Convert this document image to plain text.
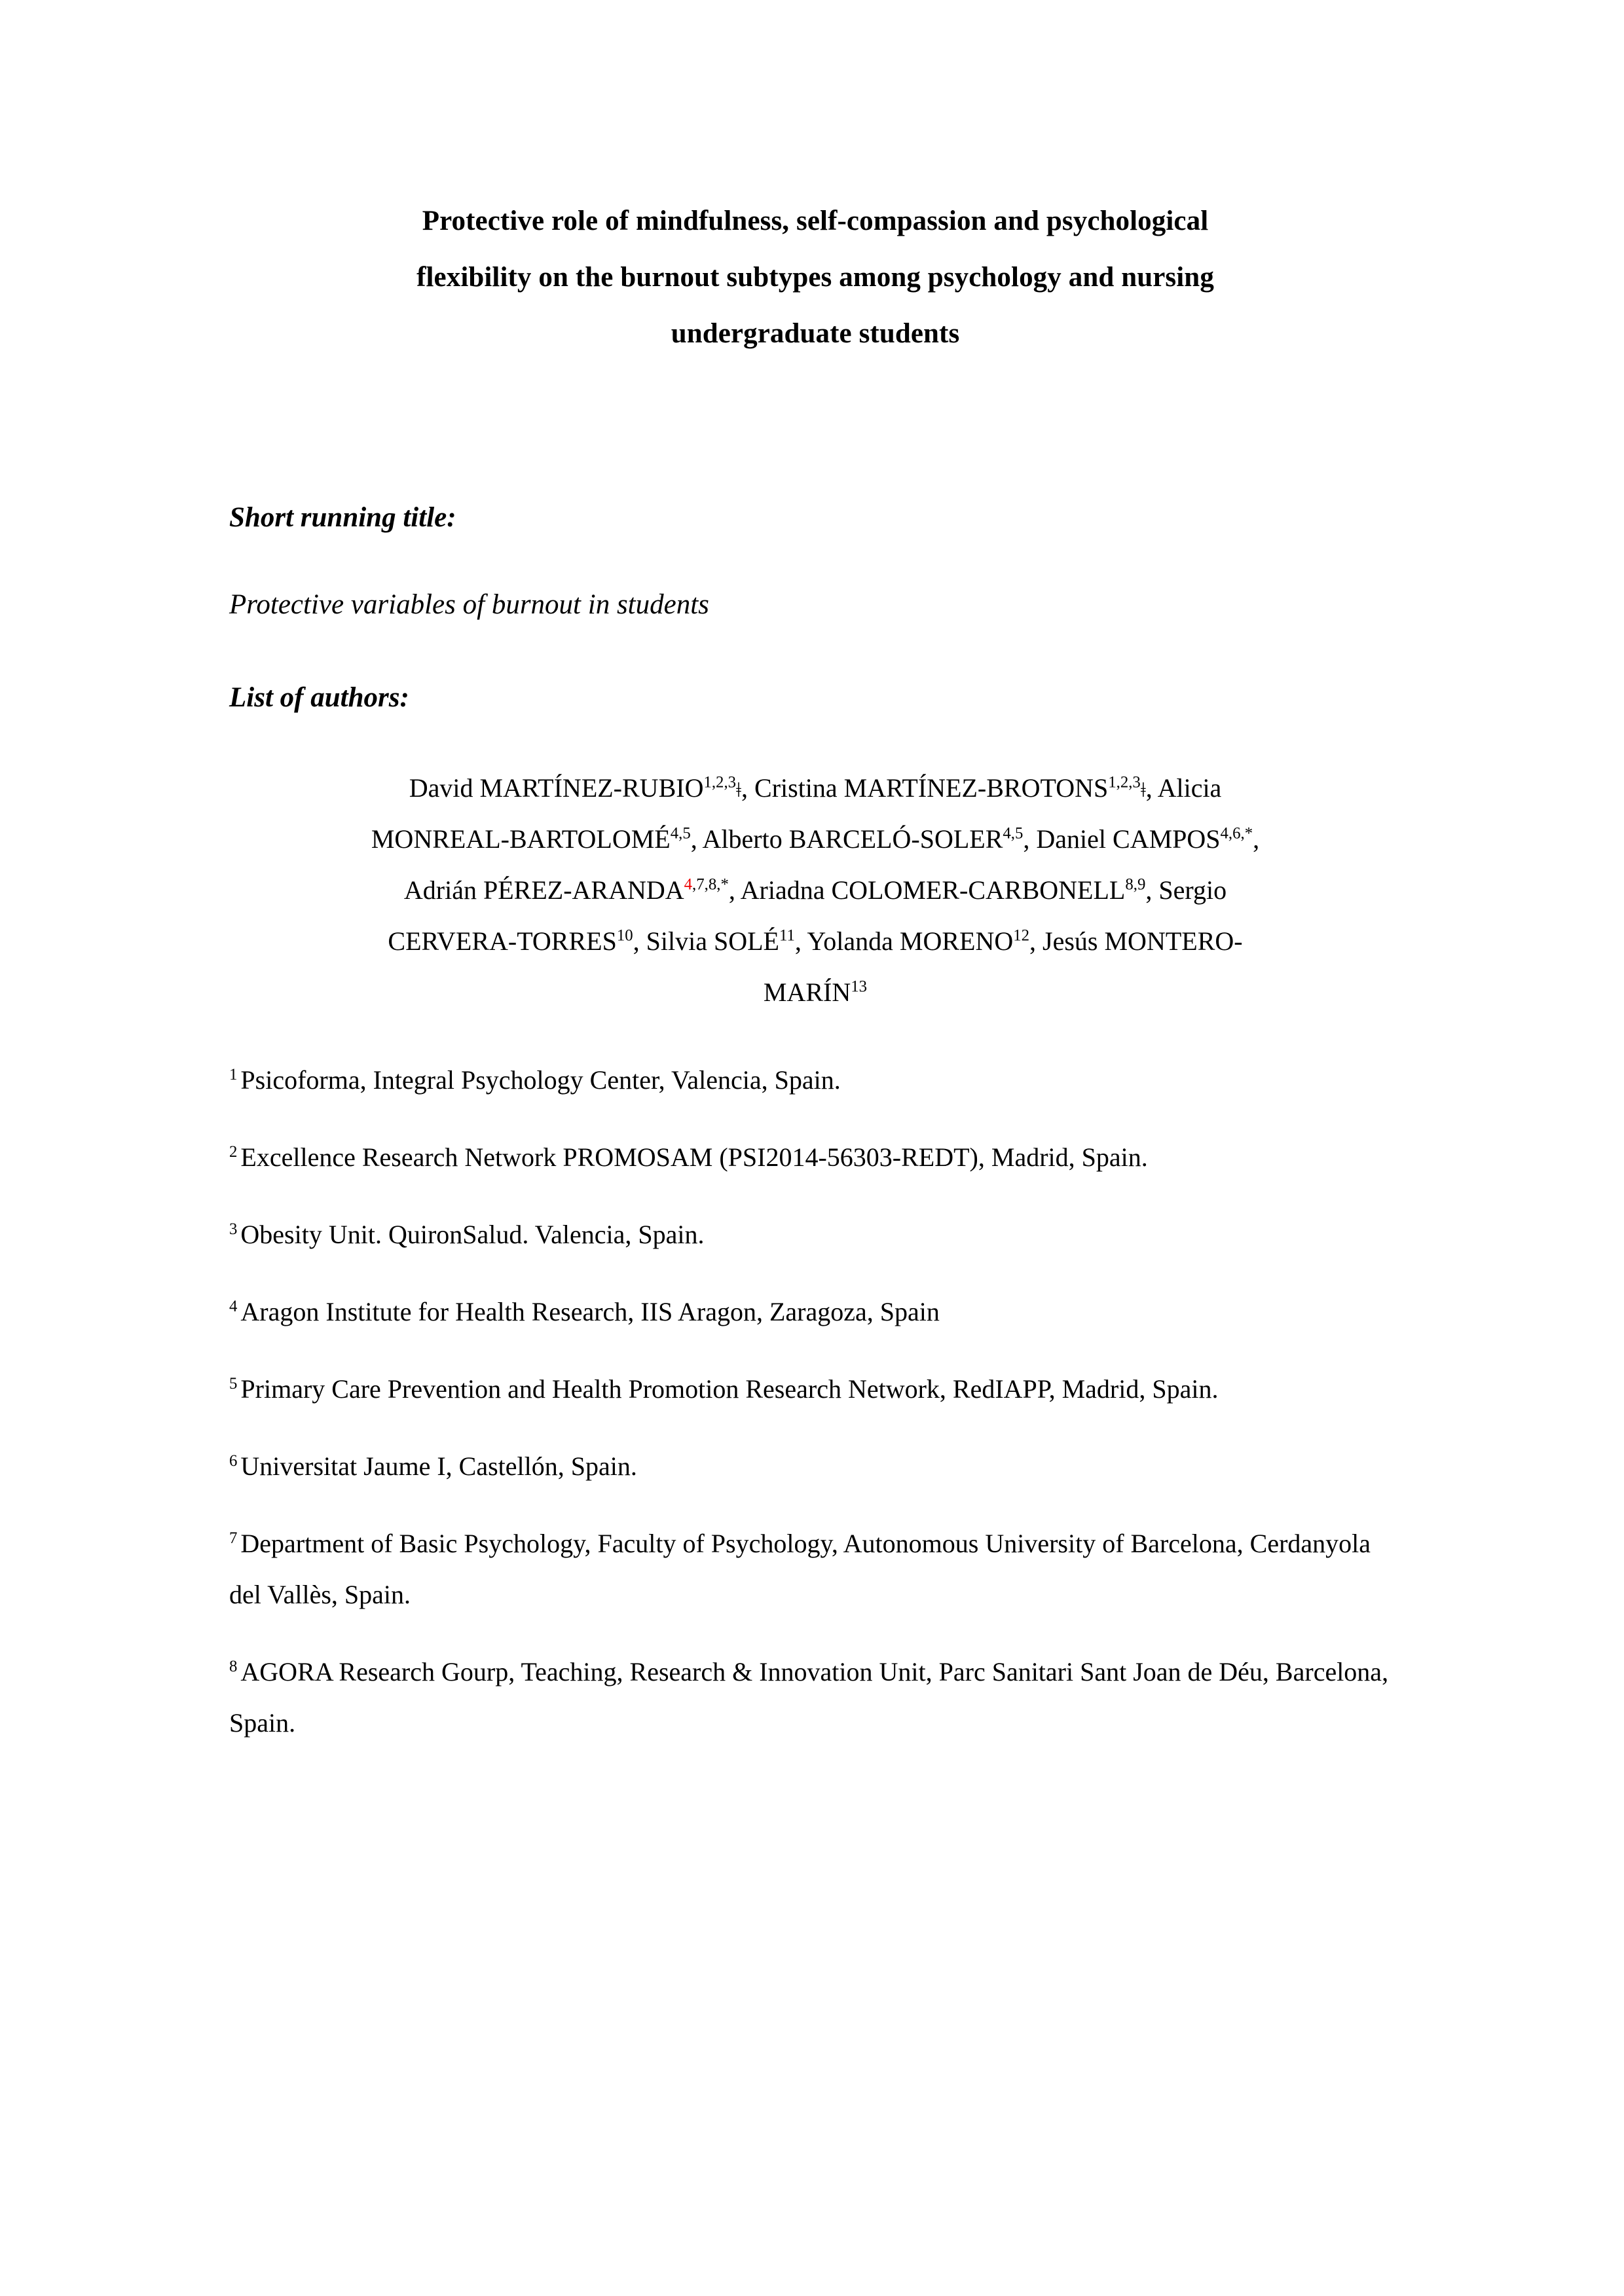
Protective role of mindfulness, self-compassion and psychological
flexibility on the burnout subtypes among psychology and nursing
undergraduate students
Short running title:
Protective variables of burnout in students
List of authors:
David MARTÍNEZ-RUBIO$^{1,2,3}$ǂ, Cristina MARTÍNEZ-BROTONS$^{1,2,3}$ǂ, Alicia
MONREAL-BARTOLOMÉ$^{4,5}$, Alberto BARCELÓ-SOLER$^{4,5}$, Daniel $CAMPOS^{4,6,*}$,
Adrián PÉREZ-$ARANDA^{4,7,8,*}$, Ariadna COLOMER-CARBONELL$^{8,9}$, Sergio
CERVERA-TORRES$^{10}$, Silvia SOLÉ$^{11}$, Yolanda MORENO$^{12}$, Jesús MONTERO-
MARÍN$^{13}$

$^1$ Psicoforma, Integral Psychology Center, Valencia, Spain.

$^2$ Excellence Research Network PROMOSAM (PSI2014-56303-REDT), Madrid, Spain.

$^3$ Obesity Unit. QuironSalud. Valencia, Spain.

$^4$ Aragon Institute for Health Research, IIS Aragon, Zaragoza, Spain

$^5$ Primary Care Prevention and Health Promotion Research Network, RedIAPP, Madrid, Spain.

$^6$ Universitat Jaume I, Castellón, Spain.

$^7$ Department of Basic Psychology, Faculty of Psychology, Autonomous University of Barcelona, Cerdanyola del Vallès, Spain.

$^8$ AGORA Research Gourp, Teaching, Research & Innovation Unit, Parc Sanitari Sant Joan de Déu, Barcelona, Spain.
